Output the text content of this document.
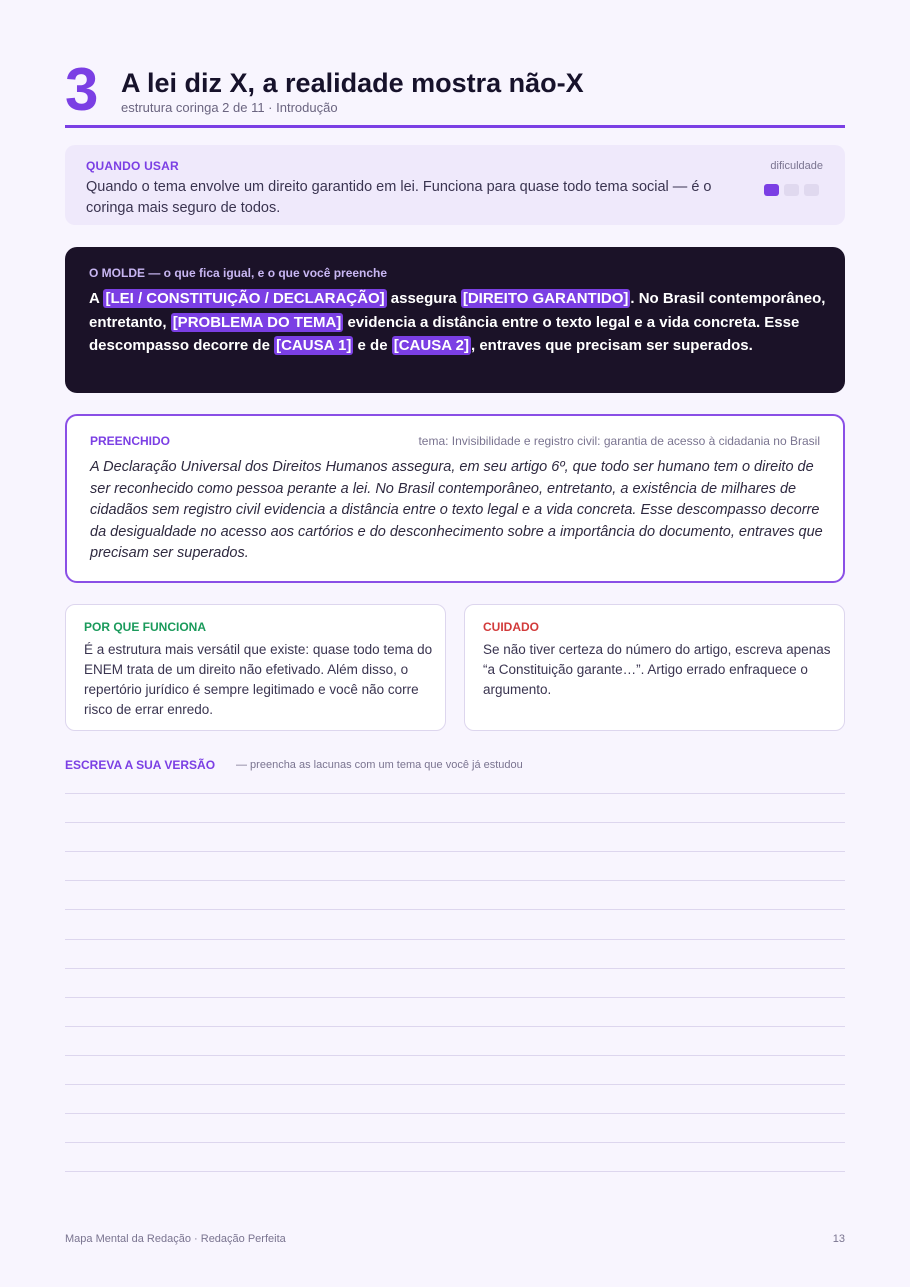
3 A lei diz X, a realidade mostra não-X
estrutura coringa 2 de 11 · Introdução
QUANDO USAR
Quando o tema envolve um direito garantido em lei. Funciona para quase todo tema social — é o coringa mais seguro de todos.
dificuldade
O MOLDE — o que fica igual, e o que você preenche
A [LEI / CONSTITUIÇÃO / DECLARAÇÃO] assegura [DIREITO GARANTIDO] . No Brasil contemporâneo, entretanto, [PROBLEMA DO TEMA] evidencia a distância entre o texto legal e a vida concreta. Esse descompasso decorre de [CAUSA 1] e de [CAUSA 2] , entraves que precisam ser superados.
PREENCHIDO	tema: Invisibilidade e registro civil: garantia de acesso à cidadania no Brasil
A Declaração Universal dos Direitos Humanos assegura, em seu artigo 6º, que todo ser humano tem o direito de ser reconhecido como pessoa perante a lei. No Brasil contemporâneo, entretanto, a existência de milhares de cidadãos sem registro civil evidencia a distância entre o texto legal e a vida concreta. Esse descompasso decorre da desigualdade no acesso aos cartórios e do desconhecimento sobre a importância do documento, entraves que precisam ser superados.
POR QUE FUNCIONA
É a estrutura mais versátil que existe: quase todo tema do ENEM trata de um direito não efetivado. Além disso, o repertório jurídico é sempre legitimado e você não corre risco de errar enredo.
CUIDADO
Se não tiver certeza do número do artigo, escreva apenas “a Constituição garante…”. Artigo errado enfraquece o argumento.
ESCREVA A SUA VERSÃO — preencha as lacunas com um tema que você já estudou
Mapa Mental da Redação · Redação Perfeita	13
